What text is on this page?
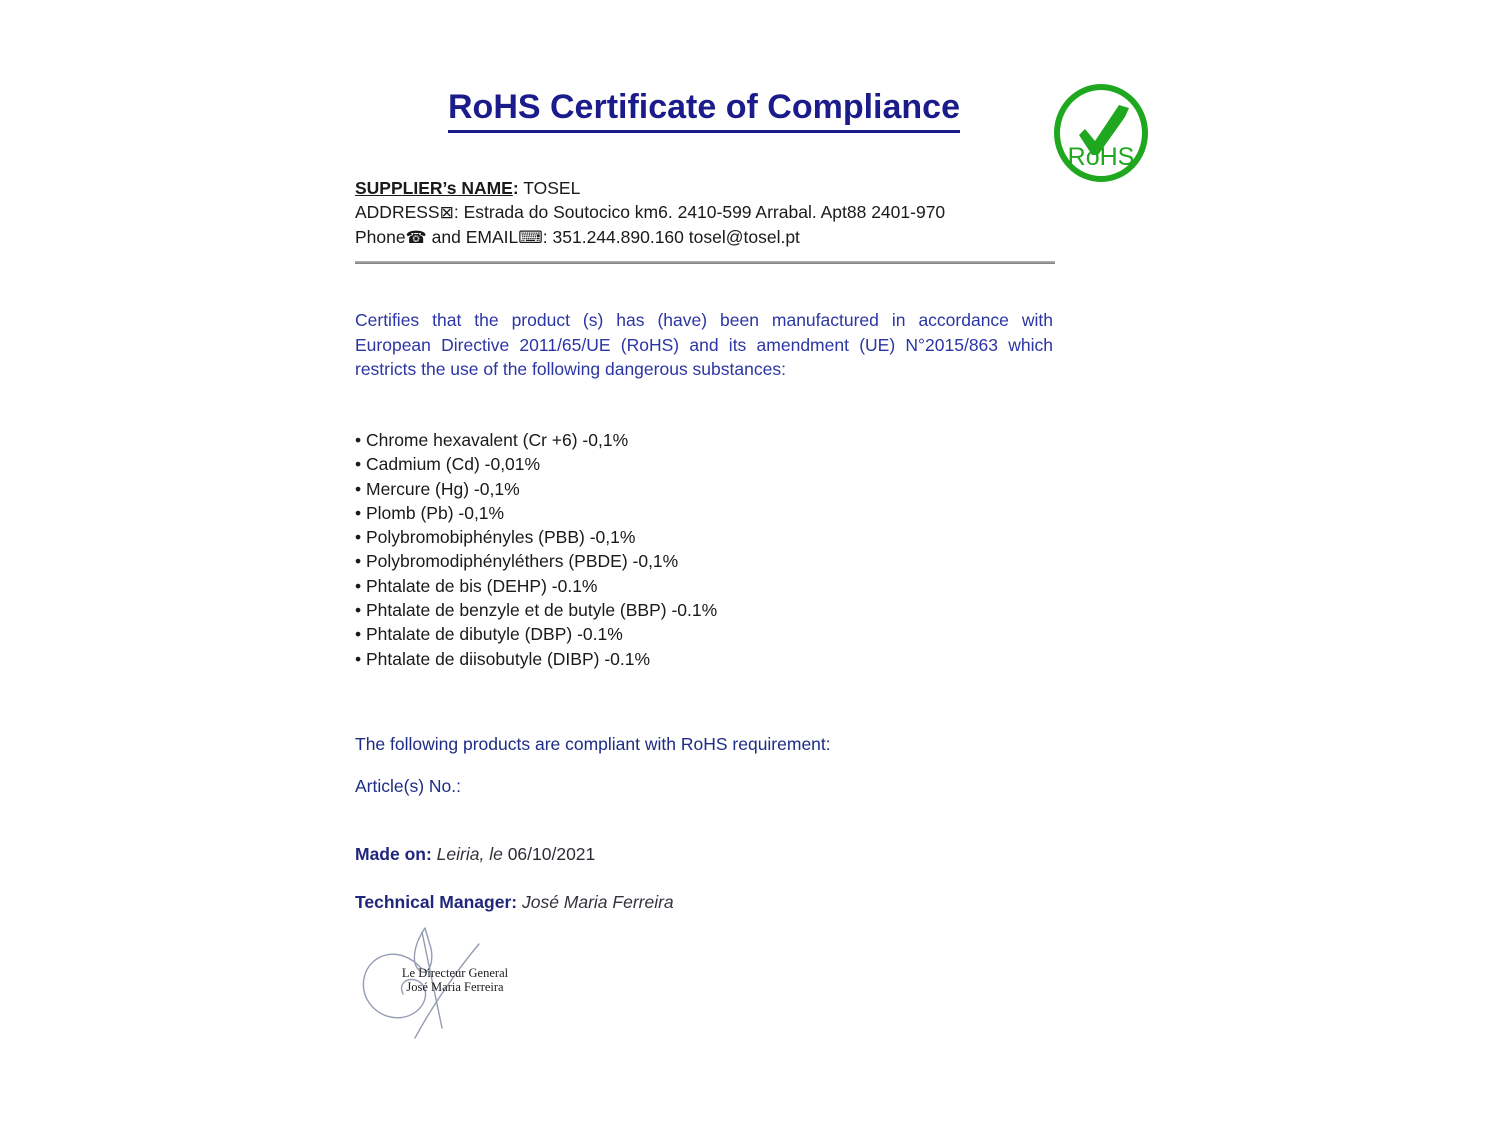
RoHS Certificate of Compliance
RoHS
SUPPLIER’s NAME: TOSEL
ADDRESS⊠: Estrada do Soutocico km6. 2410-599 Arrabal. Apt88 2401-970
Phone☎ and EMAIL⌨: 351.244.890.160 tosel@tosel.pt
Certifies that the product (s) has (have) been manufactured in accordance with
European Directive 2011/65/UE (RoHS) and its amendment (UE) N°2015/863 which
restricts the use of the following dangerous substances:
• Chrome hexavalent (Cr +6) -0,1%
• Cadmium (Cd) -0,01%
• Mercure (Hg) -0,1%
• Plomb (Pb) -0,1%
• Polybromobiphényles (PBB) -0,1%
• Polybromodiphényléthers (PBDE) -0,1%
• Phtalate de bis (DEHP) -0.1%
• Phtalate de benzyle et de butyle (BBP) -0.1%
• Phtalate de dibutyle (DBP) -0.1%
• Phtalate de diisobutyle (DIBP) -0.1%
The following products are compliant with RoHS requirement:
Article(s) No.:
Made on: Leiria, le 06/10/2021
Technical Manager: José Maria Ferreira
Le Directeur General
José Maria Ferreira
